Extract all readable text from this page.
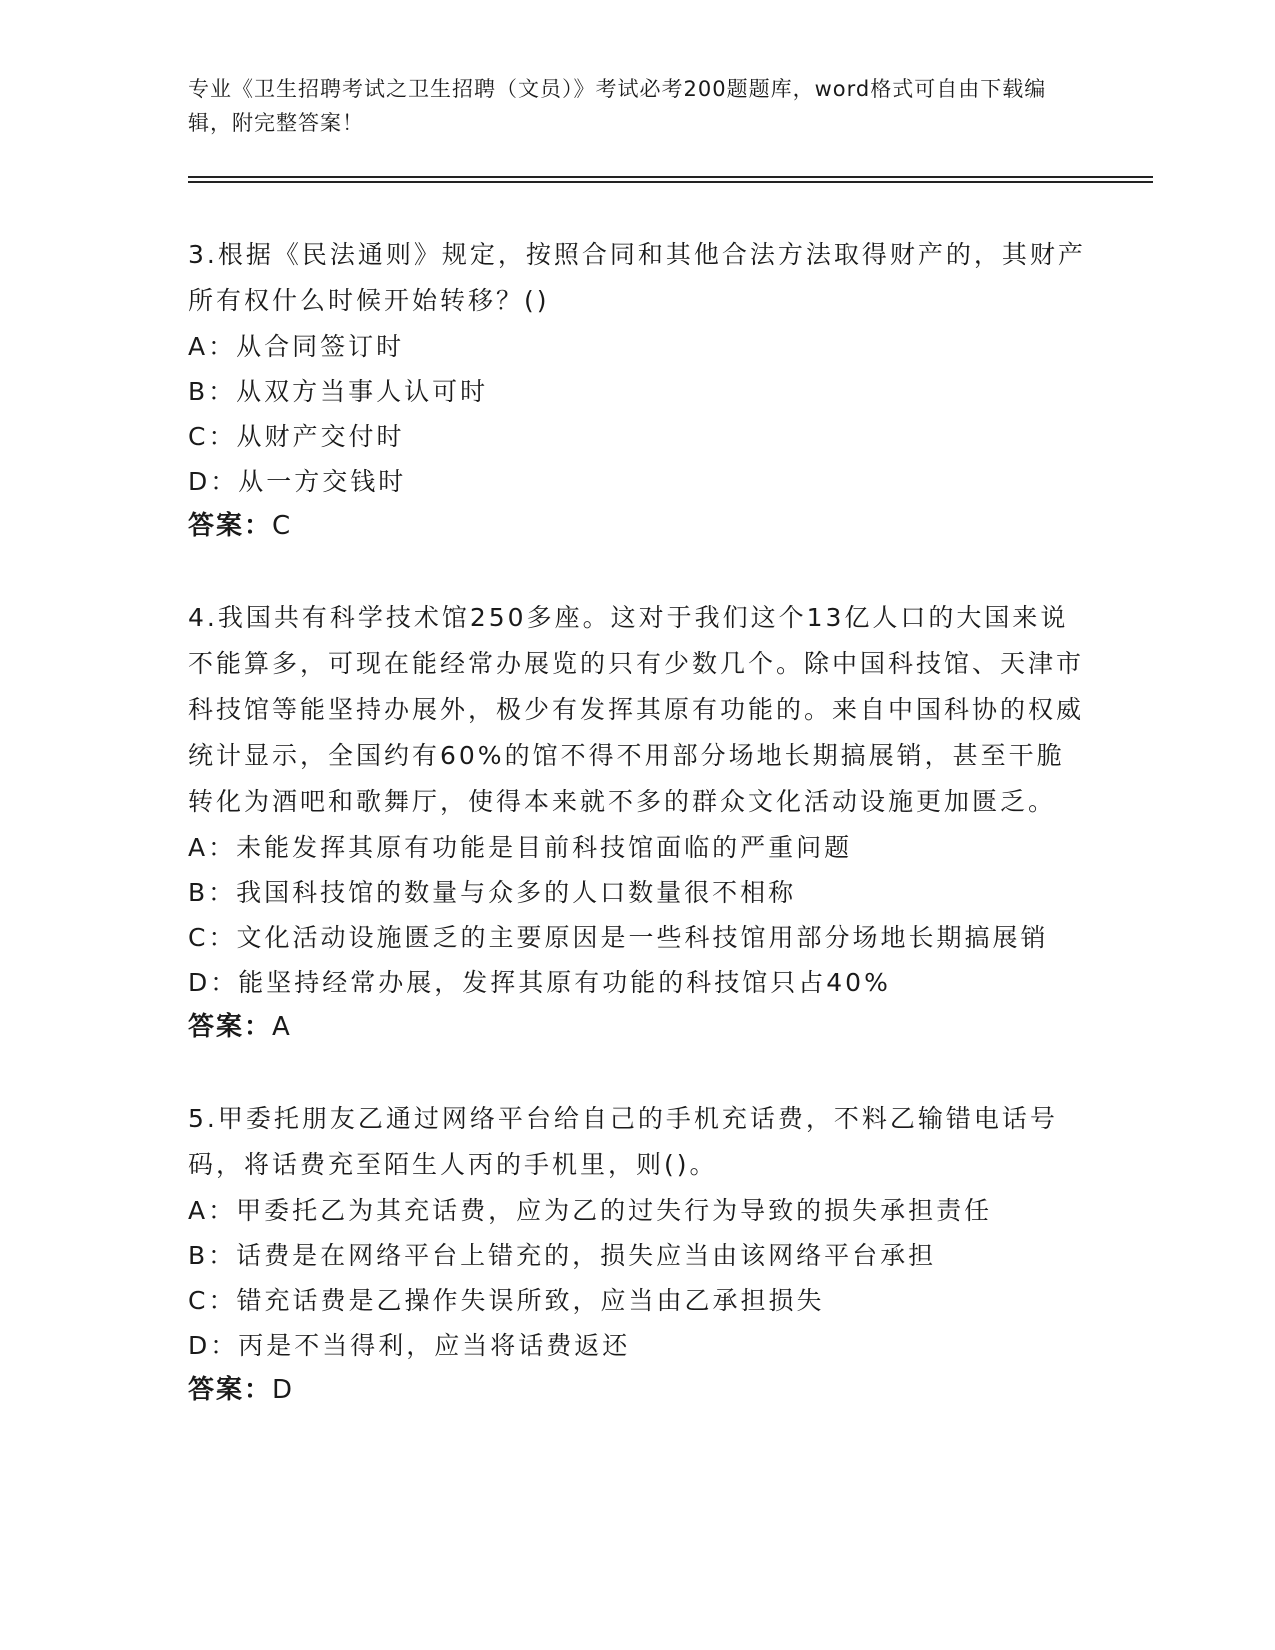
专业《卫生招聘考试之卫生招聘（文员）》考试必考200题题库，word格式可自由下载编辑，附完整答案！

3.根据《民法通则》规定，按照合同和其他合法方法取得财产的，其财产所有权什么时候开始转移？()

A：从合同签订时

B：从双方当事人认可时

C：从财产交付时

D：从一方交钱时

答案：C

4.我国共有科学技术馆250多座。这对于我们这个13亿人口的大国来说不能算多，可现在能经常办展览的只有少数几个。除中国科技馆、天津市科技馆等能坚持办展外，极少有发挥其原有功能的。来自中国科协的权威统计显示，全国约有60%的馆不得不用部分场地长期搞展销，甚至干脆转化为酒吧和歌舞厅，使得本来就不多的群众文化活动设施更加匮乏。

A：未能发挥其原有功能是目前科技馆面临的严重问题

B：我国科技馆的数量与众多的人口数量很不相称

C：文化活动设施匮乏的主要原因是一些科技馆用部分场地长期搞展销

D：能坚持经常办展，发挥其原有功能的科技馆只占40%

答案：A

5.甲委托朋友乙通过网络平台给自己的手机充话费，不料乙输错电话号码，将话费充至陌生人丙的手机里，则()。

A：甲委托乙为其充话费，应为乙的过失行为导致的损失承担责任

B：话费是在网络平台上错充的，损失应当由该网络平台承担

C：错充话费是乙操作失误所致，应当由乙承担损失

D：丙是不当得利，应当将话费返还

答案：D
